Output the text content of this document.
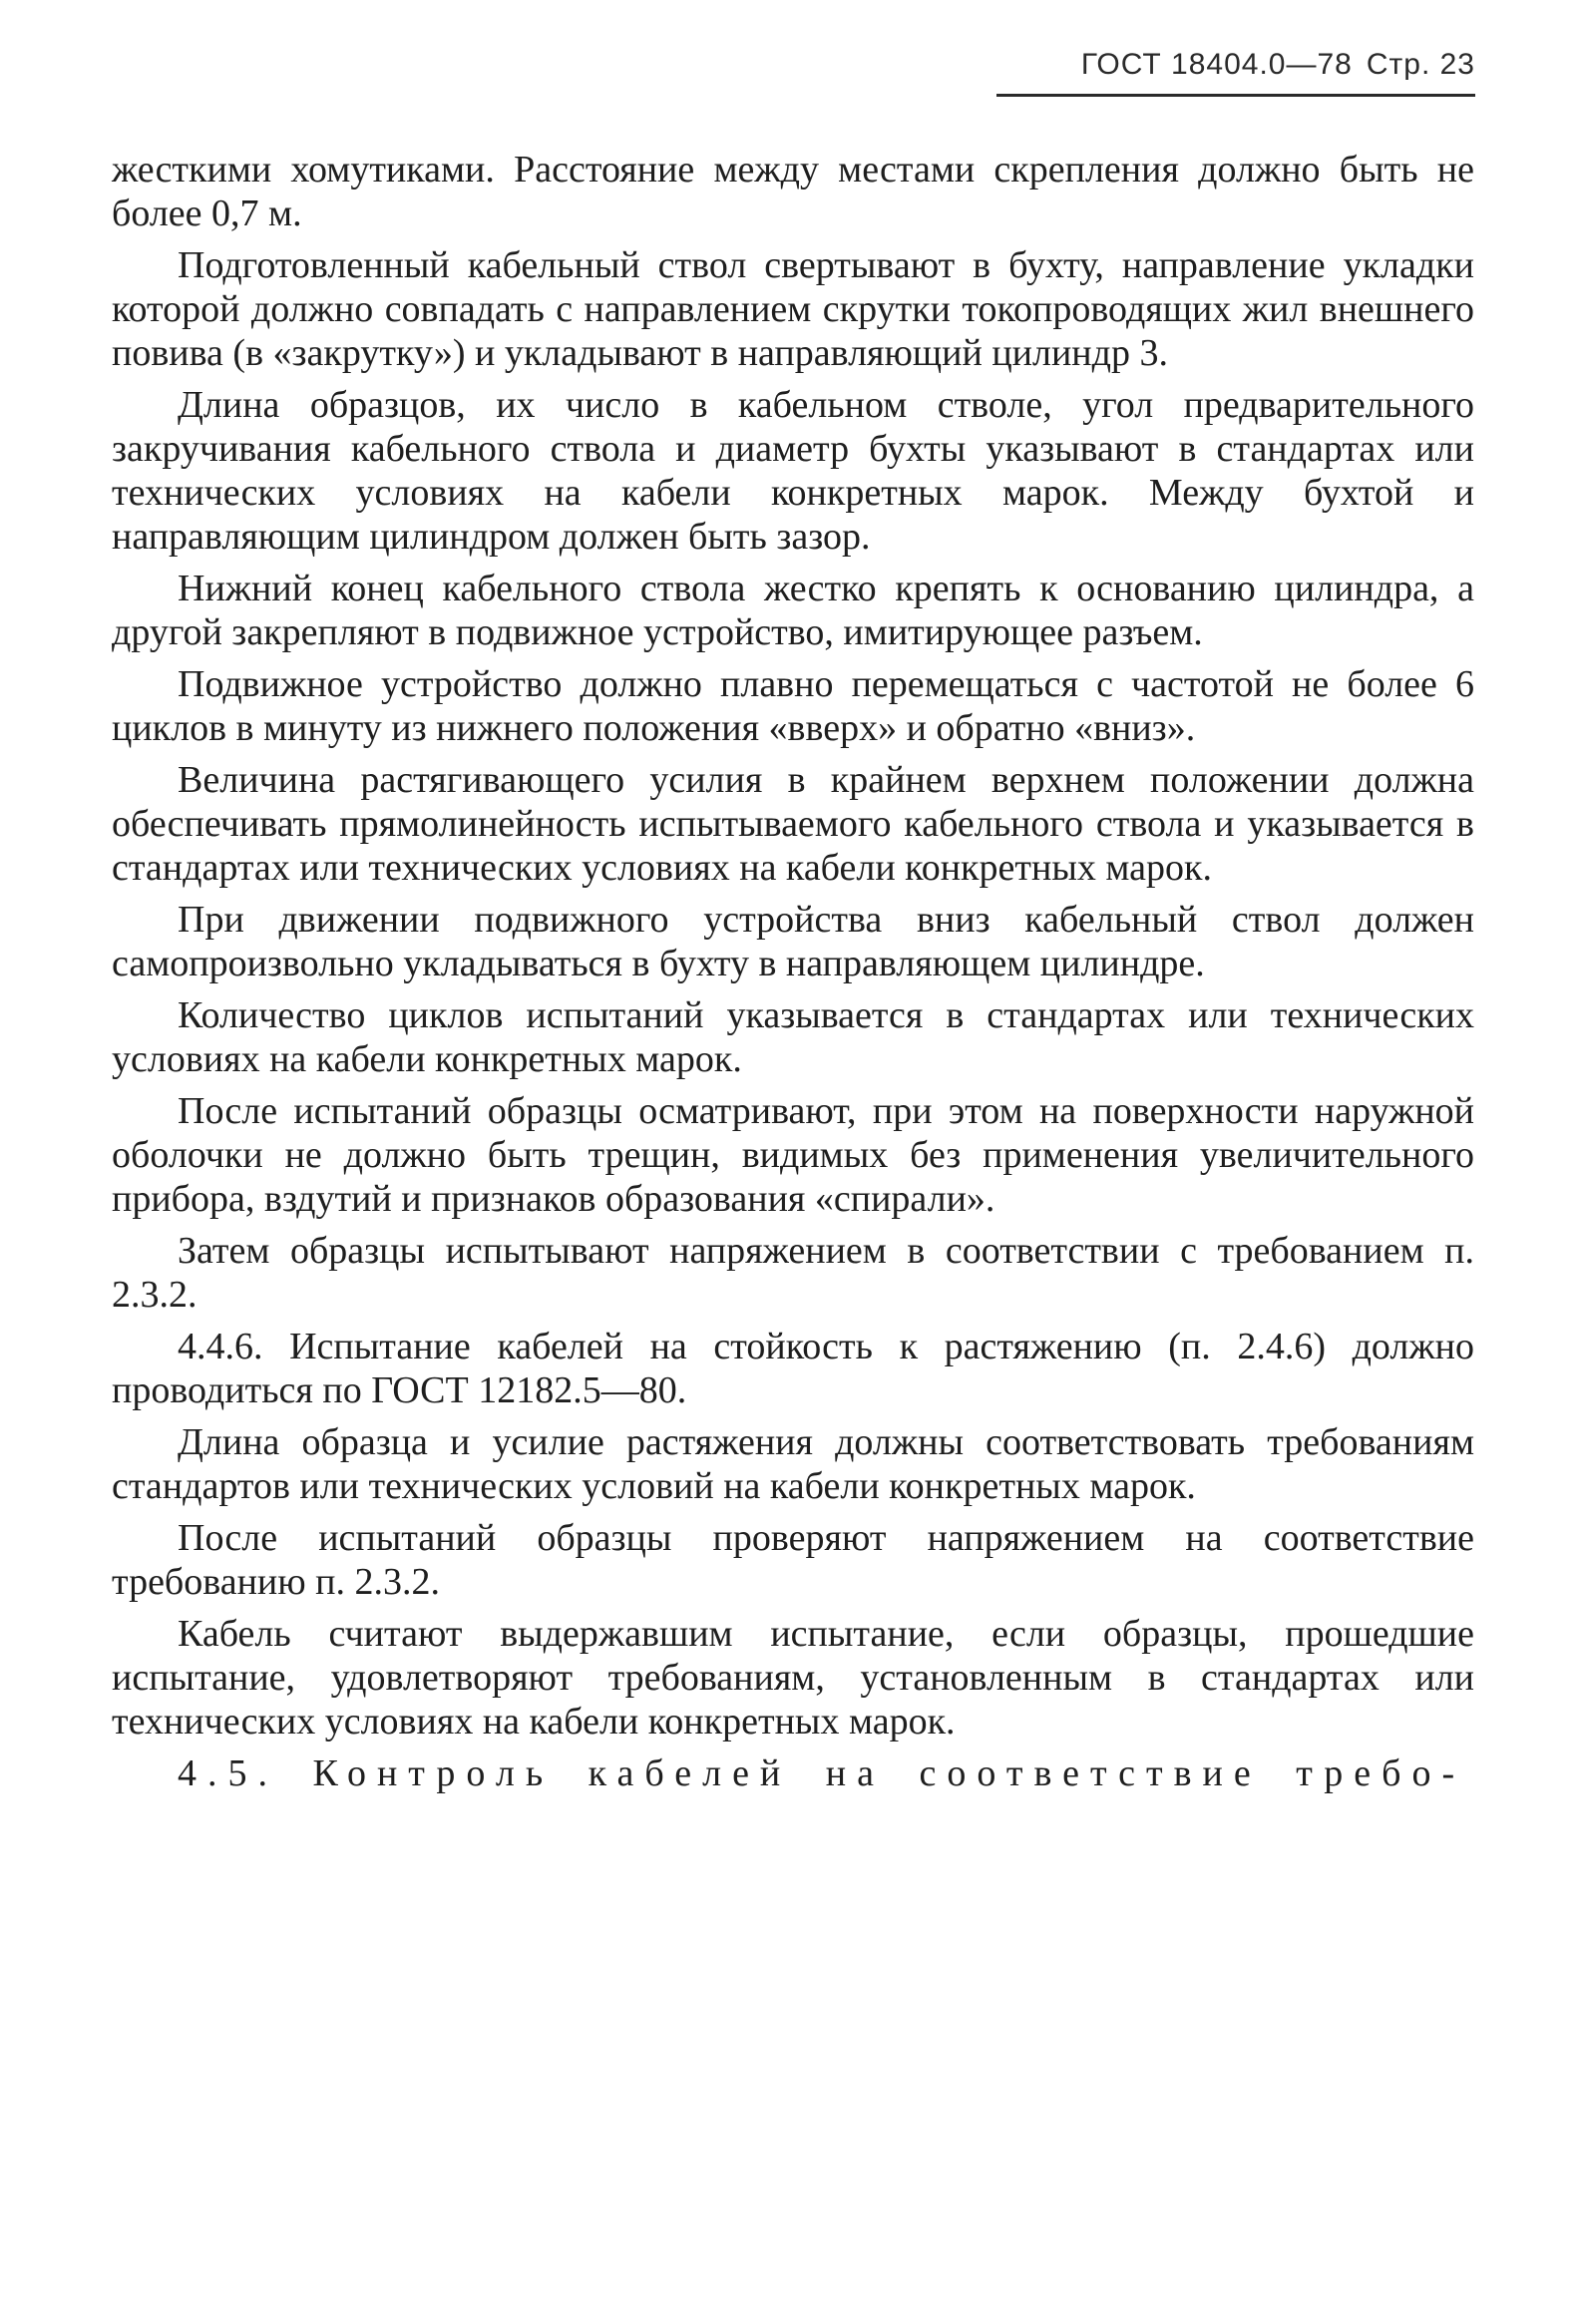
ГОСТ 18404.0—78 Стр. 23

жесткими хомутиками. Расстояние между местами скрепления должно быть не более 0,7 м.

Подготовленный кабельный ствол свертывают в бухту, направление укладки которой должно совпадать с направлением скрутки токопроводящих жил внешнего повива (в «закрутку») и укладывают в направляющий цилиндр 3.

Длина образцов, их число в кабельном стволе, угол предварительного закручивания кабельного ствола и диаметр бухты указывают в стандартах или технических условиях на кабели конкретных марок. Между бухтой и направляющим цилиндром должен быть зазор.

Нижний конец кабельного ствола жестко крепять к основанию цилиндра, а другой закрепляют в подвижное устройство, имитирующее разъем.

Подвижное устройство должно плавно перемещаться с частотой не более 6 циклов в минуту из нижнего положения «вверх» и обратно «вниз».

Величина растягивающего усилия в крайнем верхнем положении должна обеспечивать прямолинейность испытываемого кабельного ствола и указывается в стандартах или технических условиях на кабели конкретных марок.

При движении подвижного устройства вниз кабельный ствол должен самопроизвольно укладываться в бухту в направляющем цилиндре.

Количество циклов испытаний указывается в стандартах или технических условиях на кабели конкретных марок.

После испытаний образцы осматривают, при этом на поверхности наружной оболочки не должно быть трещин, видимых без применения увеличительного прибора, вздутий и признаков образования «спирали».

Затем образцы испытывают напряжением в соответствии с требованием п. 2.3.2.

4.4.6. Испытание кабелей на стойкость к растяжению (п. 2.4.6) должно проводиться по ГОСТ 12182.5—80.

Длина образца и усилие растяжения должны соответствовать требованиям стандартов или технических условий на кабели конкретных марок.

После испытаний образцы проверяют напряжением на соответствие требованию п. 2.3.2.

Кабель считают выдержавшим испытание, если образцы, прошедшие испытание, удовлетворяют требованиям, установленным в стандартах или технических условиях на кабели конкретных марок.

4.5. Контроль кабелей на соответствие требо-
